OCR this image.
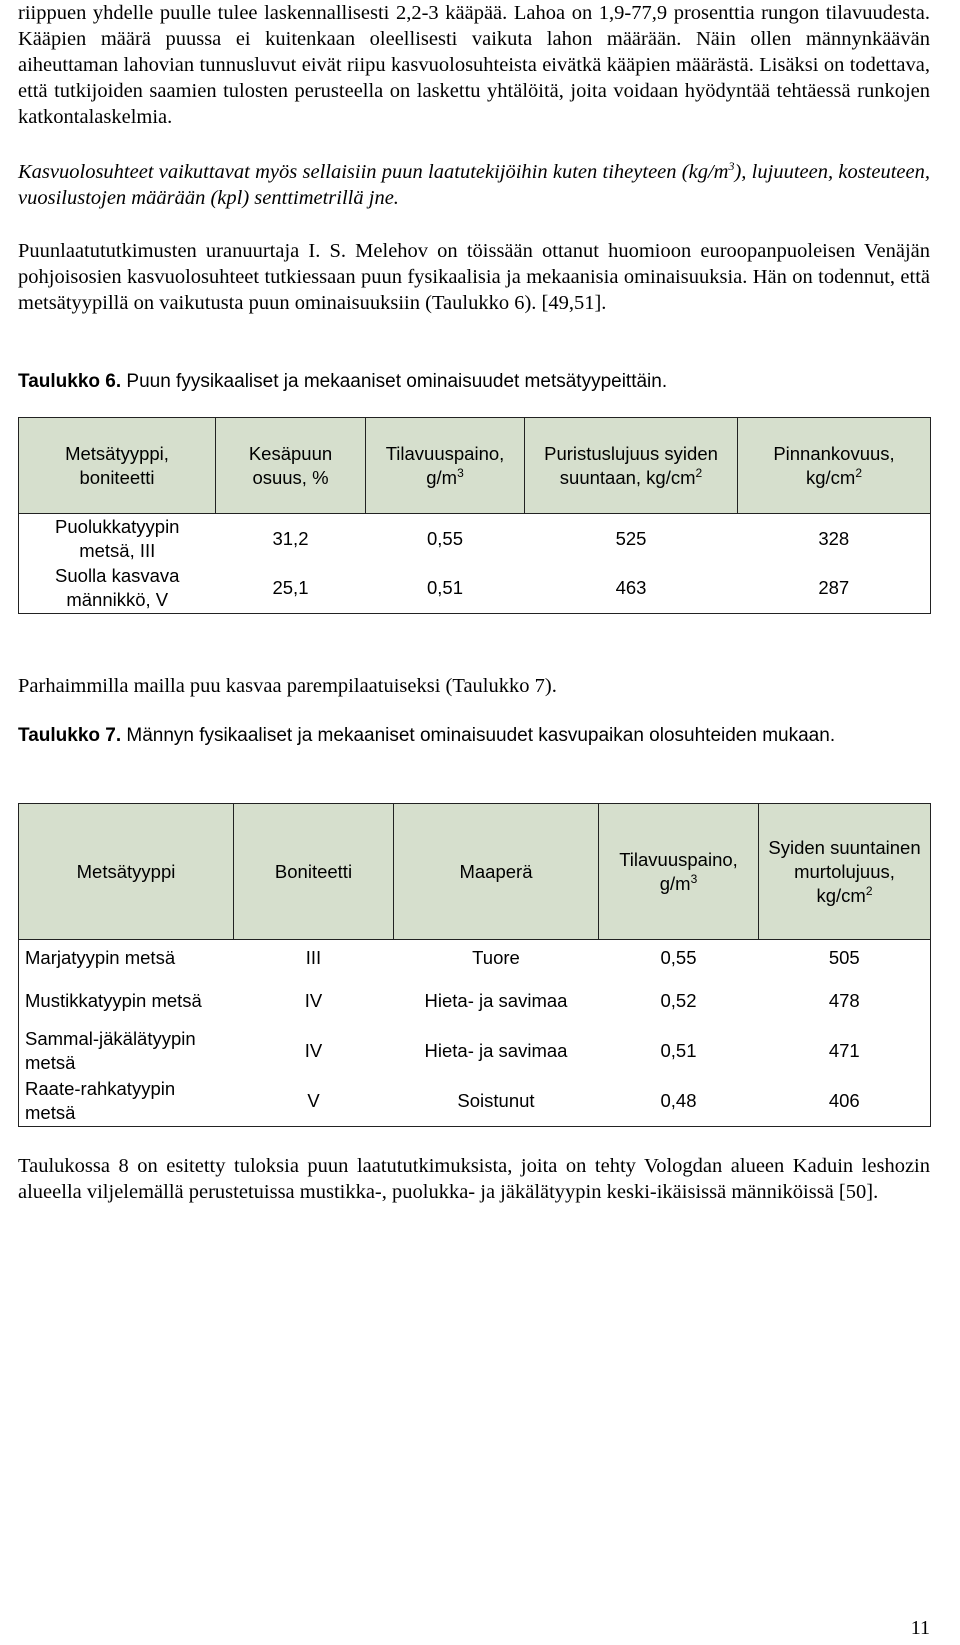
riippuen yhdelle puulle tulee laskennallisesti 2,2-3 kääpää. Lahoa on 1,9-77,9 prosenttia rungon tilavuudesta. Kääpien määrä puussa ei kuitenkaan oleellisesti vaikuta lahon määrään. Näin ollen männynkäävän aiheuttaman lahovian tunnusluvut eivät riipu kasvuolosuhteista eivätkä kääpien määrästä. Lisäksi on todettava, että tutkijoiden saamien tulosten perusteella on laskettu yhtälöitä, joita voidaan hyödyntää tehtäessä runkojen katkontalaskelmia.

Kasvuolosuhteet vaikuttavat myös sellaisiin puun laatutekijöihin kuten tiheyteen $(kg/m^3)$, lujuuteen, kosteuteen, vuosilustojen määrään (kpl) senttimetrillä jne.

Puunlaatututkimusten uranuurtaja I. S. Melehov on töissään ottanut huomioon euroopanpuoleisen Venäjän pohjoisosien kasvuolosuhteet tutkiessaan puun fysikaalisia ja mekaanisia ominaisuuksia. Hän on todennut, että metsätyypillä on vaikutusta puun ominaisuuksiin (Taulukko 6). [49,51].

Taulukko 6. Puun fyysikaaliset ja mekaaniset ominaisuudet metsätyypeittäin.

Metsätyyppi, boniteetti	Kesäpuun osuus, %	Tilavuuspaino, $g/m^3$	Puristuslujuus syiden suuntaan, $kg/cm^2$	Pinnankovuus, $kg/cm^2$
Puolukkatyypin metsä, III	31,2	0,55	525	328
Suolla kasvava männikkö, V	25,1	0,51	463	287

Parhaimmilla mailla puu kasvaa parempilaatuiseksi (Taulukko 7).

Taulukko 7. Männyn fysikaaliset ja mekaaniset ominaisuudet kasvupaikan olosuhteiden mukaan.

Metsätyyppi	Boniteetti	Maaperä	Tilavuuspaino, $g/m^3$	Syiden suuntainen murtolujuus, $kg/cm^2$
Marjatyypin metsä	III	Tuore	0,55	505
Mustikkatyypin metsä	IV	Hieta- ja savimaa	0,52	478
Sammal-jäkälätyypin metsä	IV	Hieta- ja savimaa	0,51	471
Raate-rahkatyypin metsä	V	Soistunut	0,48	406

Taulukossa 8 on esitetty tuloksia puun laatututkimuksista, joita on tehty Vologdan alueen Kaduin leshozin alueella viljelemällä perustetuissa mustikka-, puolukka- ja jäkälätyypin keski-ikäisissä männiköissä [50].

11
